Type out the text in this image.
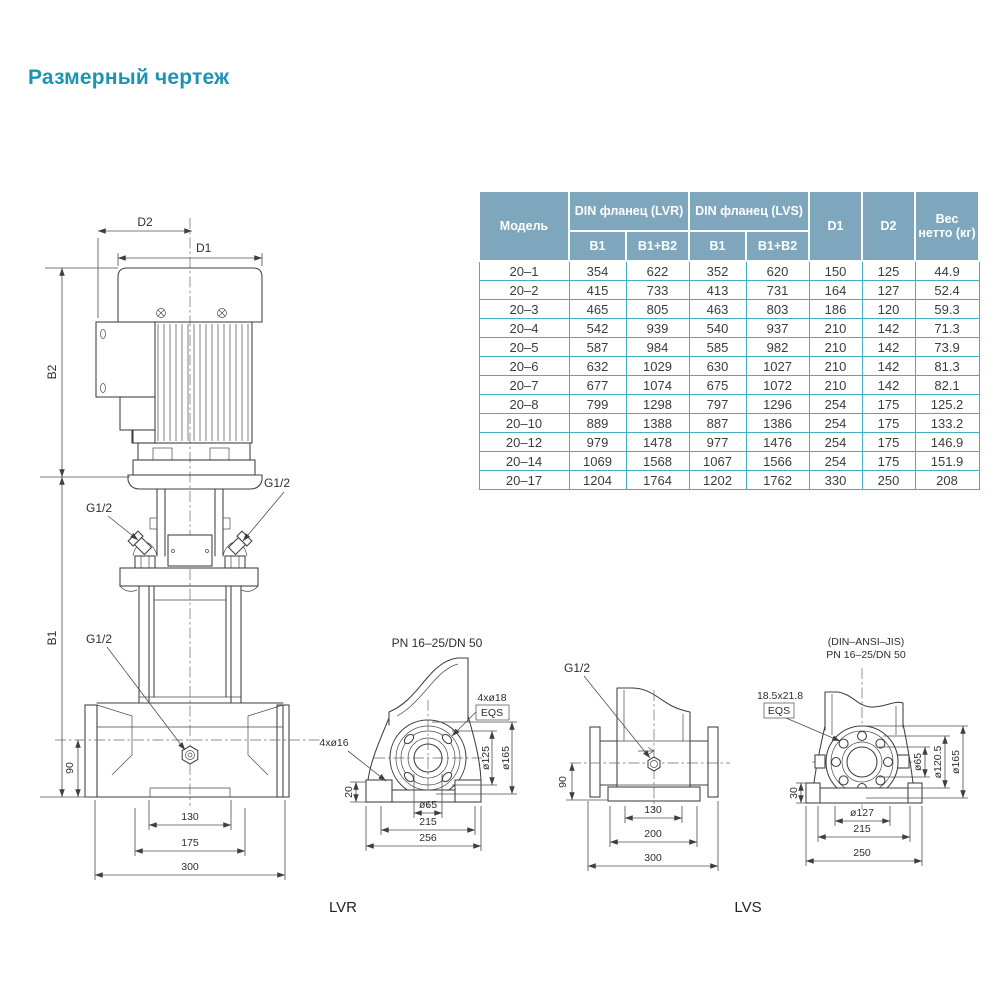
Размерный чертеж
D2
D1
B2
B1
G1/2
G1/2
G1/2
90
130
175
300
PN 16–25/DN 50
4xø18
EQS
4xø16
20
ø125 ø165
ø65
215
256
LVR
G1/2
90
130
200
300
LVS
(DIN–ANSI–JIS)
PN 16–25/DN 50
18.5x21.8
EQS
30
ø65 ø120.5 ø165
ø127
215
250
Модель	DIN фланец (LVR)		DIN фланец (LVS)		D1	D2	Вес нетто (кг)
	B1	B1+B2	B1	B1+B2			
20–1	354	622	352	620	150	125	44.9
20–2	415	733	413	731	164	127	52.4
20–3	465	805	463	803	186	120	59.3
20–4	542	939	540	937	210	142	71.3
20–5	587	984	585	982	210	142	73.9
20–6	632	1029	630	1027	210	142	81.3
20–7	677	1074	675	1072	210	142	82.1
20–8	799	1298	797	1296	254	175	125.2
20–10	889	1388	887	1386	254	175	133.2
20–12	979	1478	977	1476	254	175	146.9
20–14	1069	1568	1067	1566	254	175	151.9
20–17	1204	1764	1202	1762	330	250	208
